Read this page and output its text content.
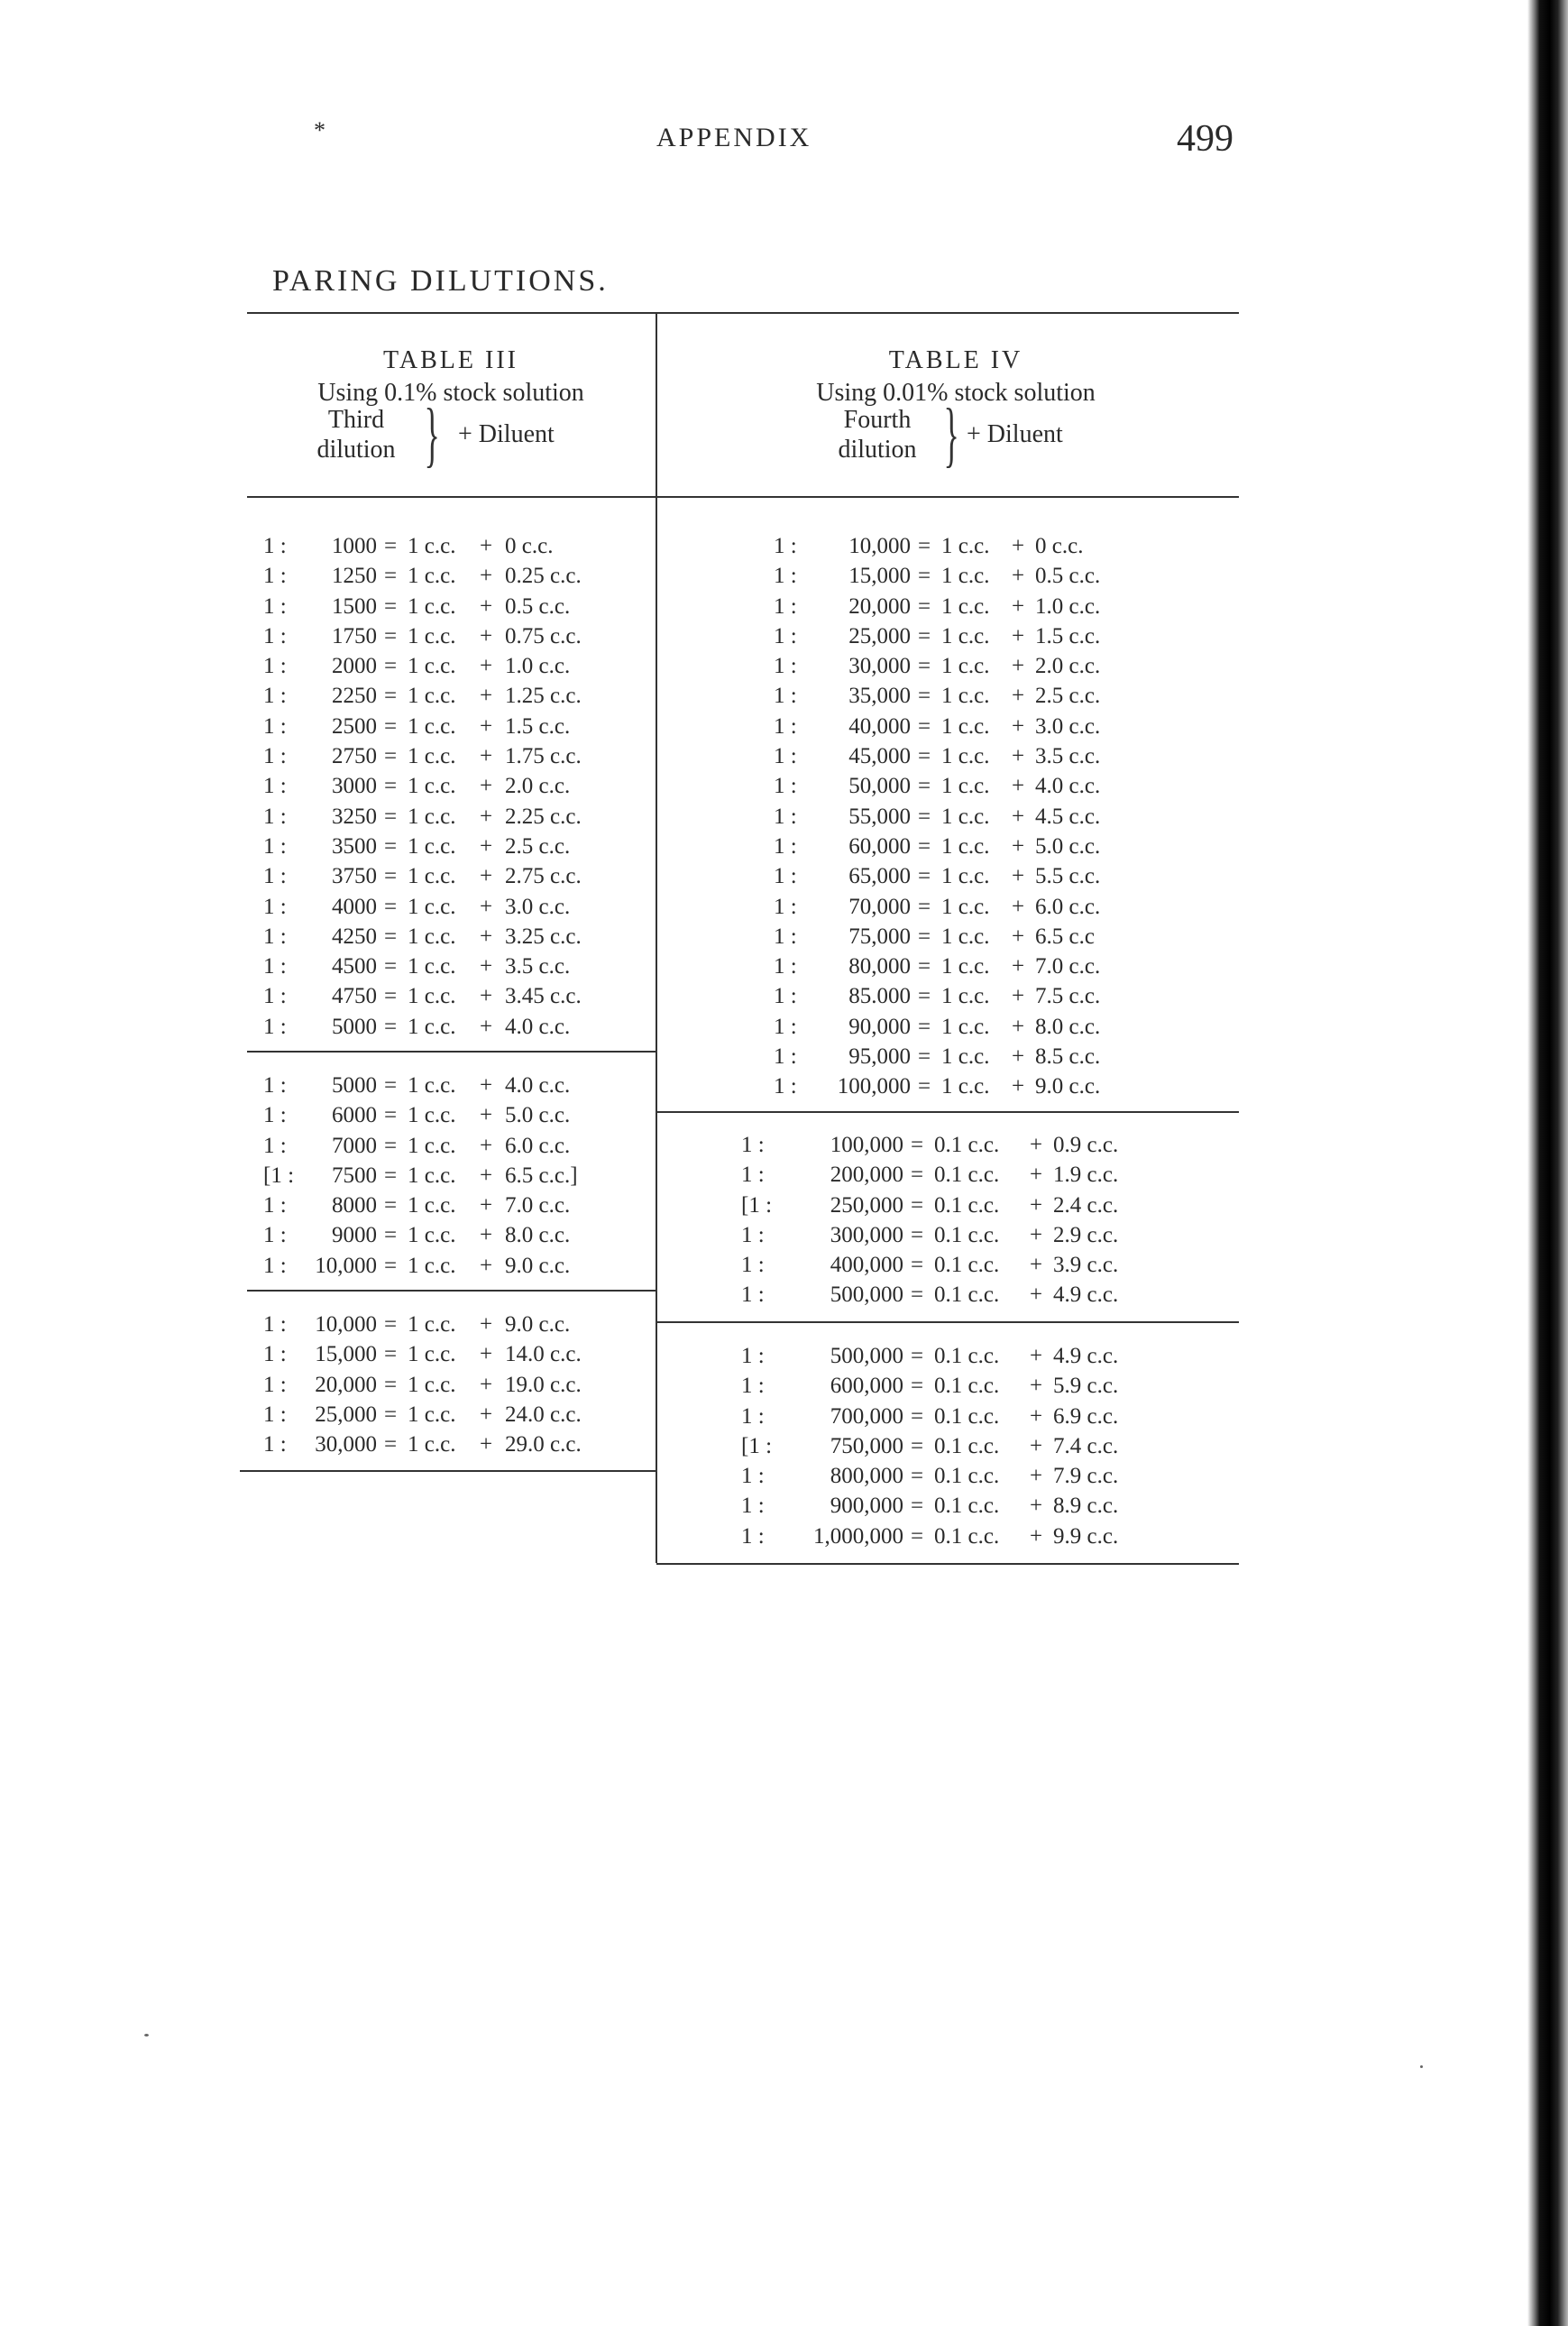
*	APPENDIX	499
PARING DILUTIONS.
TABLE III
Using 0.1% stock solution
Third
dilution } + Diluent
TABLE IV
Using 0.01% stock solution
Fourth
dilution } + Diluent
1 :	1000 = 1 c.c.	+ 0 c.c.
1 :	1250 = 1 c.c.	+ 0.25 c.c.
1 :	1500 = 1 c.c.	+ 0.5 c.c.
1 :	1750 = 1 c.c.	+ 0.75 c.c.
1 :	2000 = 1 c.c.	+ 1.0 c.c.
1 :	2250 = 1 c.c.	+ 1.25 c.c.
1 :	2500 = 1 c.c.	+ 1.5 c.c.
1 :	2750 = 1 c.c.	+ 1.75 c.c.
1 :	3000 = 1 c.c.	+ 2.0 c.c.
1 :	3250 = 1 c.c.	+ 2.25 c.c.
1 :	3500 = 1 c.c.	+ 2.5 c.c.
1 :	3750 = 1 c.c.	+ 2.75 c.c.
1 :	4000 = 1 c.c.	+ 3.0 c.c.
1 :	4250 = 1 c.c.	+ 3.25 c.c.
1 :	4500 = 1 c.c.	+ 3.5 c.c.
1 :	4750 = 1 c.c.	+ 3.45 c.c.
1 :	5000 = 1 c.c.	+ 4.0 c.c.
1 :	5000 = 1 c.c.	+ 4.0 c.c.
1 :	6000 = 1 c.c.	+ 5.0 c.c.
1 :	7000 = 1 c.c.	+ 6.0 c.c.
[1 :	7500 = 1 c.c.	+ 6.5 c.c.]
1 :	8000 = 1 c.c.	+ 7.0 c.c.
1 :	9000 = 1 c.c.	+ 8.0 c.c.
1 :	10,000 = 1 c.c.	+ 9.0 c.c.
1 :	10,000 = 1 c.c.	+ 9.0 c.c.
1 :	15,000 = 1 c.c.	+ 14.0 c.c.
1 :	20,000 = 1 c.c.	+ 19.0 c.c.
1 :	25,000 = 1 c.c.	+ 24.0 c.c.
1 :	30,000 = 1 c.c.	+ 29.0 c.c.
1 :	10,000 = 1 c.c. + 0 c.c.
1 :	15,000 = 1 c.c. + 0.5 c.c.
1 :	20,000 = 1 c.c. + 1.0 c.c.
1 :	25,000 = 1 c.c. + 1.5 c.c.
1 :	30,000 = 1 c.c. + 2.0 c.c.
1 :	35,000 = 1 c.c. + 2.5 c.c.
1 :	40,000 = 1 c.c. + 3.0 c.c.
1 :	45,000 = 1 c.c. + 3.5 c.c.
1 :	50,000 = 1 c.c. + 4.0 c.c.
1 :	55,000 = 1 c.c. + 4.5 c.c.
1 :	60,000 = 1 c.c. + 5.0 c.c.
1 :	65,000 = 1 c.c. + 5.5 c.c.
1 :	70,000 = 1 c.c. + 6.0 c.c.
1 :	75,000 = 1 c.c. + 6.5 c.c
1 :	80,000 = 1 c.c. + 7.0 c.c.
1 :	85.000 = 1 c.c. + 7.5 c.c.
1 :	90,000 = 1 c.c. + 8.0 c.c.
1 :	95,000 = 1 c.c. + 8.5 c.c.
1 :	100,000 = 1 c.c. + 9.0 c.c.
1 :	100,000 = 0.1 c.c.	+ 0.9 c.c.
1 :	200,000 = 0.1 c.c.	+ 1.9 c.c.
[1 :	250,000 = 0.1 c.c.	+ 2.4 c.c.
1 :	300,000 = 0.1 c.c.	+ 2.9 c.c.
1 :	400,000 = 0.1 c.c.	+ 3.9 c.c.
1 :	500,000 = 0.1 c.c.	+ 4.9 c.c.
1 :	500,000 = 0.1 c.c.	+ 4.9 c.c.
1 :	600,000 = 0.1 c.c.	+ 5.9 c.c.
1 :	700,000 = 0.1 c.c.	+ 6.9 c.c.
[1 :	750,000 = 0.1 c.c.	+ 7.4 c.c.
1 :	800,000 = 0.1 c.c.	+ 7.9 c.c.
1 :	900,000 = 0.1 c.c.	+ 8.9 c.c.
1 :	1,000,000 = 0.1 c.c.	+ 9.9 c.c.
